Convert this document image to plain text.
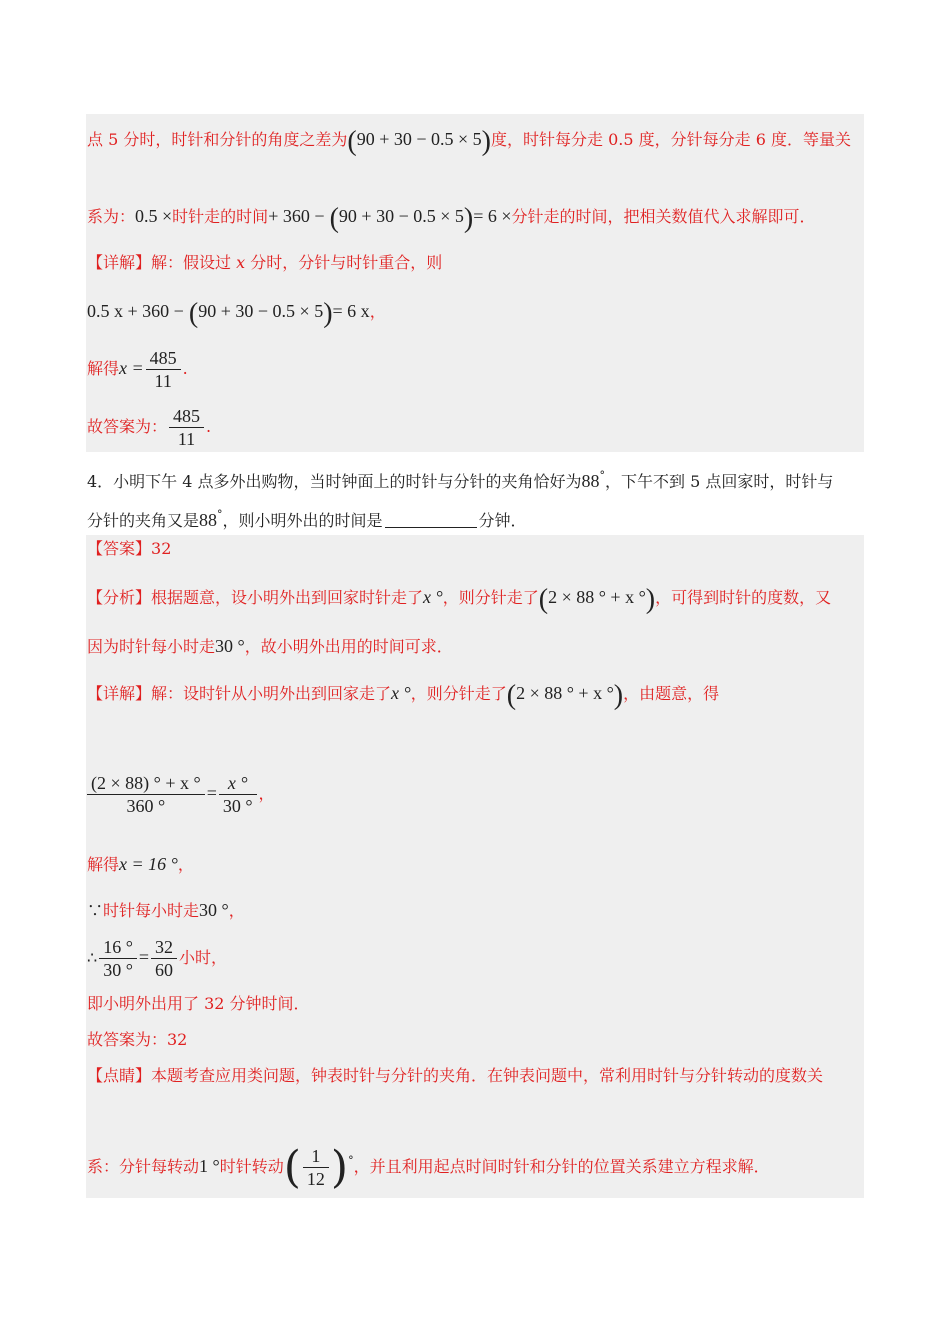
点 5 分时，时针和分针的角度之差为(90 + 30 − 0.5 × 5)度，时针每分走 0.5 度，分针每分走 6 度．等量关
系为：0.5 ×时针走的时间+ 360 − (90 + 30 − 0.5 × 5)= 6 ×分针走的时间，把相关数值代入求解即可．
【详解】解：假设过 x 分时，分针与时针重合，则
0.5 x + 360 − (90 + 30 − 0.5 × 5)= 6 x，
解得$x = \frac{485}{11}$ .
故答案为： $\frac{485}{11}$ .
4．小明下午 4 点多外出购物，当时钟面上的时针与分针的夹角恰好为88°，下午不到 5 点回家时，时针与
分针的夹角又是88°，则小明外出的时间是	分钟．
【答案】32
【分析】根据题意，设小明外出到回家时针走了x °，则分针走了(2 × 88 ° + x °)，可得到时针的度数，又
因为时针每小时走30 °，故小明外出用的时间可求．
【详解】解：设时针从小明外出到回家走了x °，则分针走了(2 × 88 ° + x °)，由题意，得
$\frac{(2 \times 88) ^\circ + x ^\circ}{360 ^\circ} = \frac{x ^\circ}{30 ^\circ}$ ，
解得x = 16 °，
∵时针每小时走30 °，
∴ $\frac{16 ^\circ}{30 ^\circ} = \frac{32}{60}$ 小时，
即小明外出用了 32 分钟时间．
故答案为：32
【点睛】本题考查应用类问题，钟表时针与分针的夹角．在钟表问题中，常利用时针与分针转动的度数关
系：分针每转动1 °时针转动( $\frac{1}{12} )^\circ$，并且利用起点时间时针和分针的位置关系建立方程求解．
